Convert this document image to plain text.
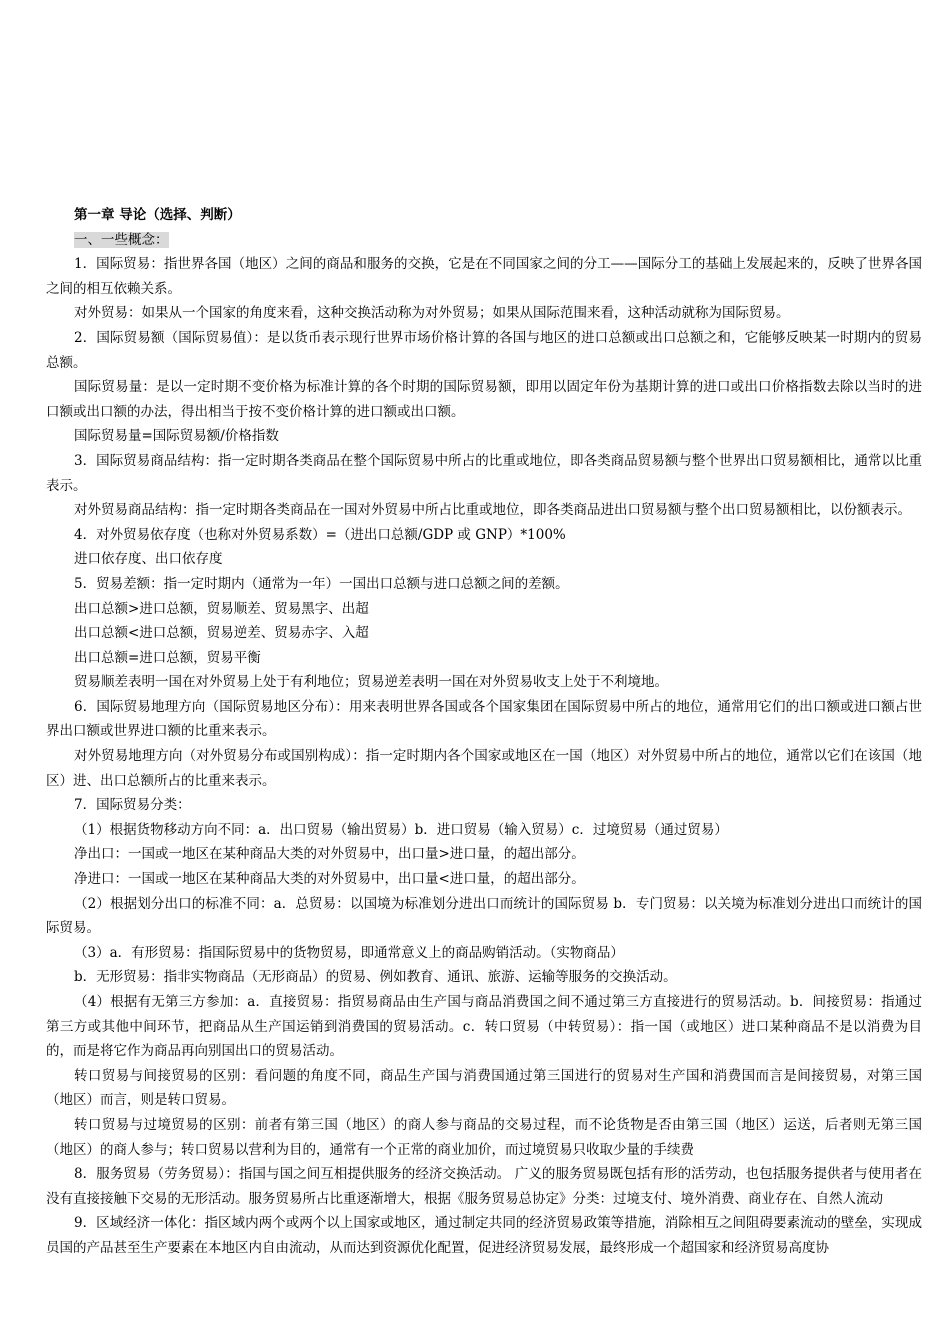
第一章 导论（选择、判断）

一、一些概念：

1．国际贸易：指世界各国（地区）之间的商品和服务的交换，它是在不同国家之间的分工——国际分工的基础上发展起来的，反映了世界各国之间的相互依赖关系。

对外贸易：如果从一个国家的角度来看，这种交换活动称为对外贸易；如果从国际范围来看，这种活动就称为国际贸易。

2．国际贸易额（国际贸易值）：是以货币表示现行世界市场价格计算的各国与地区的进口总额或出口总额之和，它能够反映某一时期内的贸易总额。

国际贸易量：是以一定时期不变价格为标准计算的各个时期的国际贸易额，即用以固定年份为基期计算的进口或出口价格指数去除以当时的进口额或出口额的办法，得出相当于按不变价格计算的进口额或出口额。

国际贸易量=国际贸易额/价格指数

3．国际贸易商品结构：指一定时期各类商品在整个国际贸易中所占的比重或地位，即各类商品贸易额与整个世界出口贸易额相比，通常以比重表示。

对外贸易商品结构：指一定时期各类商品在一国对外贸易中所占比重或地位，即各类商品进出口贸易额与整个出口贸易额相比，以份额表示。

4．对外贸易依存度（也称对外贸易系数）=（进出口总额/GDP 或 GNP）*100%

进口依存度、出口依存度

5．贸易差额：指一定时期内（通常为一年）一国出口总额与进口总额之间的差额。

出口总额>进口总额，贸易顺差、贸易黑字、出超

出口总额<进口总额，贸易逆差、贸易赤字、入超

出口总额=进口总额，贸易平衡

贸易顺差表明一国在对外贸易上处于有利地位；贸易逆差表明一国在对外贸易收支上处于不利境地。

6．国际贸易地理方向（国际贸易地区分布）：用来表明世界各国或各个国家集团在国际贸易中所占的地位，通常用它们的出口额或进口额占世界出口额或世界进口额的比重来表示。

对外贸易地理方向（对外贸易分布或国别构成）：指一定时期内各个国家或地区在一国（地区）对外贸易中所占的地位，通常以它们在该国（地区）进、出口总额所占的比重来表示。

7．国际贸易分类：

（1）根据货物移动方向不同：a．出口贸易（输出贸易）b．进口贸易（输入贸易）c．过境贸易（通过贸易）

净出口：一国或一地区在某种商品大类的对外贸易中，出口量>进口量，的超出部分。

净进口：一国或一地区在某种商品大类的对外贸易中，出口量<进口量，的超出部分。

（2）根据划分出口的标准不同：a．总贸易：以国境为标准划分进出口而统计的国际贸易 b．专门贸易：以关境为标准划分进出口而统计的国际贸易。

（3）a．有形贸易：指国际贸易中的货物贸易，即通常意义上的商品购销活动。（实物商品）

b．无形贸易：指非实物商品（无形商品）的贸易、例如教育、通讯、旅游、运输等服务的交换活动。

（4）根据有无第三方参加：a．直接贸易：指贸易商品由生产国与商品消费国之间不通过第三方直接进行的贸易活动。b．间接贸易：指通过第三方或其他中间环节，把商品从生产国运销到消费国的贸易活动。c．转口贸易（中转贸易）：指一国（或地区）进口某种商品不是以消费为目的，而是将它作为商品再向别国出口的贸易活动。

转口贸易与间接贸易的区别：看问题的角度不同，商品生产国与消费国通过第三国进行的贸易对生产国和消费国而言是间接贸易，对第三国（地区）而言，则是转口贸易。

转口贸易与过境贸易的区别：前者有第三国（地区）的商人参与商品的交易过程，而不论货物是否由第三国（地区）运送，后者则无第三国（地区）的商人参与；转口贸易以营利为目的，通常有一个正常的商业加价，而过境贸易只收取少量的手续费

8．服务贸易（劳务贸易）：指国与国之间互相提供服务的经济交换活动。 广义的服务贸易既包括有形的活劳动，也包括服务提供者与使用者在没有直接接触下交易的无形活动。服务贸易所占比重逐渐增大，根据《服务贸易总协定》分类：过境支付、境外消费、商业存在、自然人流动

9．区域经济一体化：指区域内两个或两个以上国家或地区，通过制定共同的经济贸易政策等措施，消除相互之间阻碍要素流动的壁垒，实现成员国的产品甚至生产要素在本地区内自由流动，从而达到资源优化配置，促进经济贸易发展，最终形成一个超国家和经济贸易高度协
